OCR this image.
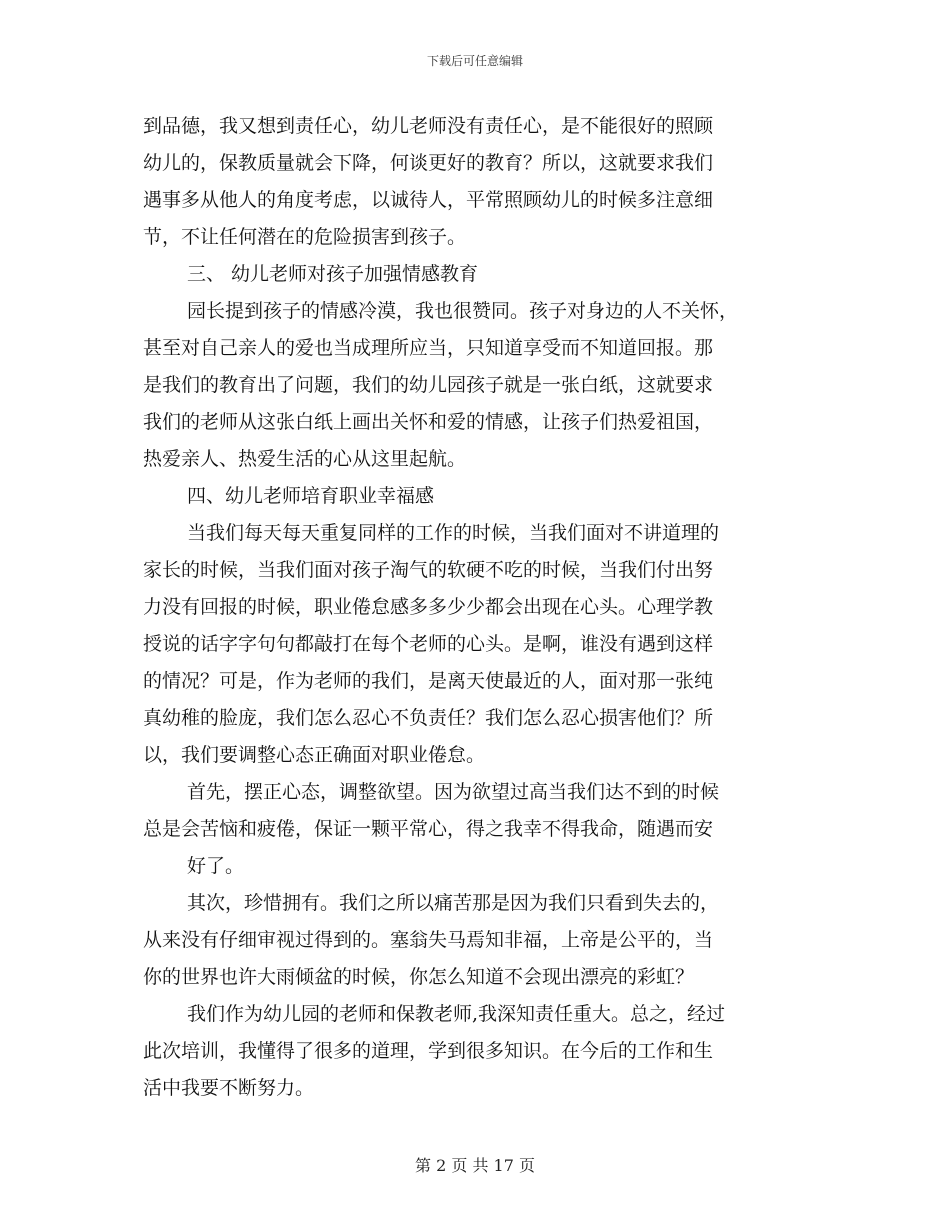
下载后可任意编辑
到品德，我又想到责任心，幼儿老师没有责任心，是不能很好的照顾
幼儿的，保教质量就会下降，何谈更好的教育？所以，这就要求我们
遇事多从他人的角度考虑，以诚待人，平常照顾幼儿的时候多注意细
节，不让任何潜在的危险损害到孩子。
三、 幼儿老师对孩子加强情感教育
园长提到孩子的情感冷漠，我也很赞同。孩子对身边的人不关怀，
甚至对自己亲人的爱也当成理所应当，只知道享受而不知道回报。那
是我们的教育出了问题，我们的幼儿园孩子就是一张白纸，这就要求
我们的老师从这张白纸上画出关怀和爱的情感，让孩子们热爱祖国，
热爱亲人、热爱生活的心从这里起航。
四、幼儿老师培育职业幸福感
当我们每天每天重复同样的工作的时候，当我们面对不讲道理的
家长的时候，当我们面对孩子淘气的软硬不吃的时候，当我们付出努
力没有回报的时候，职业倦怠感多多少少都会出现在心头。心理学教
授说的话字字句句都敲打在每个老师的心头。是啊，谁没有遇到这样
的情况？可是，作为老师的我们，是离天使最近的人，面对那一张纯
真幼稚的脸庞，我们怎么忍心不负责任？我们怎么忍心损害他们？所
以，我们要调整心态正确面对职业倦怠。
首先，摆正心态，调整欲望。因为欲望过高当我们达不到的时候
总是会苦恼和疲倦，保证一颗平常心，得之我幸不得我命，随遇而安
好了。
其次，珍惜拥有。我们之所以痛苦那是因为我们只看到失去的，
从来没有仔细审视过得到的。塞翁失马焉知非福，上帝是公平的，当
你的世界也许大雨倾盆的时候，你怎么知道不会现出漂亮的彩虹？
我们作为幼儿园的老师和保教老师,我深知责任重大。总之，经过
此次培训，我懂得了很多的道理，学到很多知识。在今后的工作和生
活中我要不断努力。
第 2 页 共 17 页
